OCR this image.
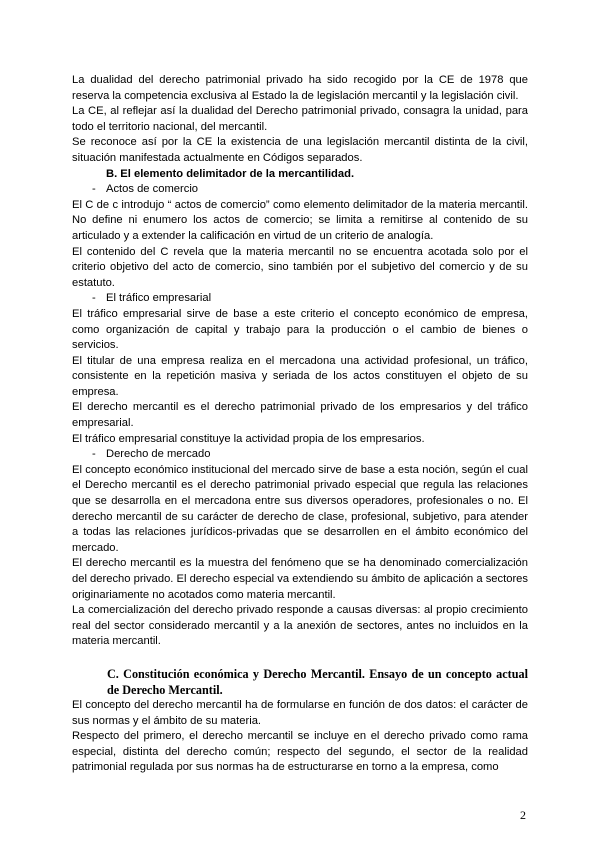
La dualidad del derecho patrimonial privado ha sido recogido por la CE de 1978 que reserva la competencia exclusiva al Estado la de legislación mercantil y la legislación civil.

La CE, al reflejar así la dualidad del Derecho patrimonial privado, consagra la unidad, para todo el territorio nacional, del mercantil.

Se reconoce así por la CE la existencia de una legislación mercantil distinta de la civil, situación manifestada actualmente en Códigos separados.

B. El elemento delimitador de la mercantilidad.

- Actos de comercio

El C de c introdujo “ actos de comercio” como elemento delimitador de la materia mercantil. No define ni enumero los actos de comercio; se limita a remitirse al contenido de su articulado y a extender la calificación en virtud de un criterio de analogía.

El contenido del C revela que la materia mercantil no se encuentra acotada solo por el criterio objetivo del acto de comercio, sino también por el subjetivo del comercio y de su estatuto.

- El tráfico empresarial

El tráfico empresarial sirve de base a este criterio el concepto económico de empresa, como organización de capital y trabajo para la producción o el cambio de bienes o servicios.

El titular de una empresa realiza en el mercadona una actividad profesional, un tráfico, consistente en la repetición masiva y seriada de los actos constituyen el objeto de su empresa.

El derecho mercantil es el derecho patrimonial privado de los empresarios y del tráfico empresarial.

El tráfico empresarial constituye la actividad propia de los empresarios.

- Derecho de mercado

El concepto económico institucional del mercado sirve de base a esta noción, según el cual el Derecho mercantil es el derecho patrimonial privado especial que regula las relaciones que se desarrolla en el mercadona entre sus diversos operadores, profesionales o no. El derecho mercantil de su carácter de derecho de clase, profesional, subjetivo, para atender a todas las relaciones jurídicos-privadas que se desarrollen en el ámbito económico del mercado.

El derecho mercantil es la muestra del fenómeno que se ha denominado comercialización del derecho privado. El derecho especial va extendiendo su ámbito de aplicación a sectores originariamente no acotados como materia mercantil.

La comercialización del derecho privado responde a causas diversas: al propio crecimiento real del sector considerado mercantil y a la anexión de sectores, antes no incluidos en la materia mercantil.

C. Constitución económica y Derecho Mercantil. Ensayo de un concepto actual de Derecho Mercantil.

El concepto del derecho mercantil ha de formularse en función de dos datos: el carácter de sus normas y el ámbito de su materia.

Respecto del primero, el derecho mercantil se incluye en el derecho privado como rama especial, distinta del derecho común; respecto del segundo, el sector de la realidad patrimonial regulada por sus normas ha de estructurarse en torno a la empresa, como

2
